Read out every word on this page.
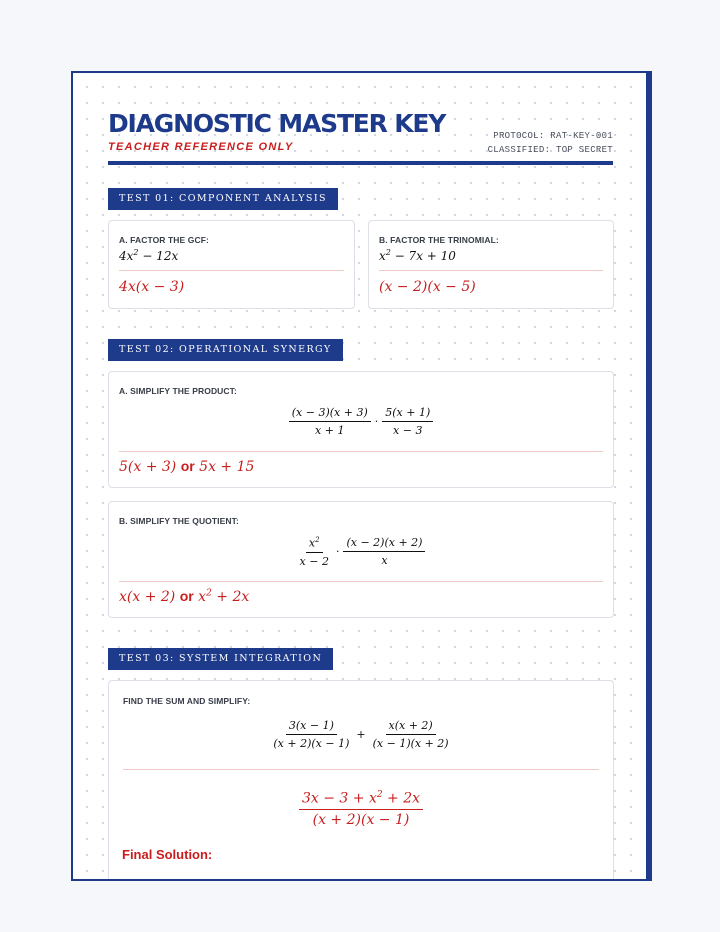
DIAGNOSTIC MASTER KEY
TEACHER REFERENCE ONLY
PROTOCOL: RAT-KEY-001
CLASSIFIED: TOP SECRET
TEST 01: COMPONENT ANALYSIS
A. FACTOR THE GCF:
$4x^2 - 12x$
4x(x − 3)
B. FACTOR THE TRINOMIAL:
$x^2 - 7x + 10$
(x − 2)(x − 5)
TEST 02: OPERATIONAL SYNERGY
A. SIMPLIFY THE PRODUCT:
$\frac{(x - 3)(x + 3)}{x + 1} \cdot \frac{5(x + 1)}{x - 3}$
5(x + 3) or 5x + 15
B. SIMPLIFY THE QUOTIENT:
$\frac{x^2}{x - 2} \cdot \frac{(x - 2)(x + 2)}{x}$
x(x + 2) or $x^2 + 2x$
TEST 03: SYSTEM INTEGRATION
FIND THE SUM AND SIMPLIFY:
$\frac{3(x - 1)}{(x + 2)(x - 1)} + \frac{x(x + 2)}{(x - 1)(x + 2)}$
$\frac{3x - 3 + x^2 + 2x}{(x + 2)(x - 1)}$
Final Solution:
